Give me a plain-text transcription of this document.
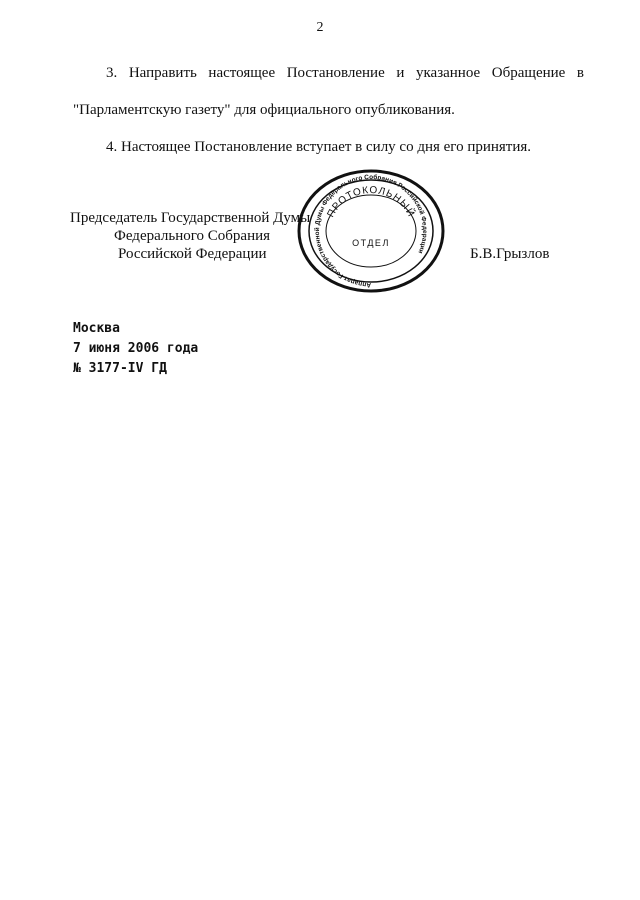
2
3. Направить настоящее Постановление и указанное Обращение в
"Парламентскую газету" для официального опубликования.
4. Настоящее Постановление вступает в силу со дня его принятия.
Председатель Государственной Думы
Федерального Собрания
Российской Федерации	Б.В.Грызлов
Аппарат Государственной Думы Федерального Собрания Российской Федерации
ПРОТОКОЛЬНЫЙ
ОТДЕЛ
Москва
7 июня 2006 года
№ 3177-IV ГД
